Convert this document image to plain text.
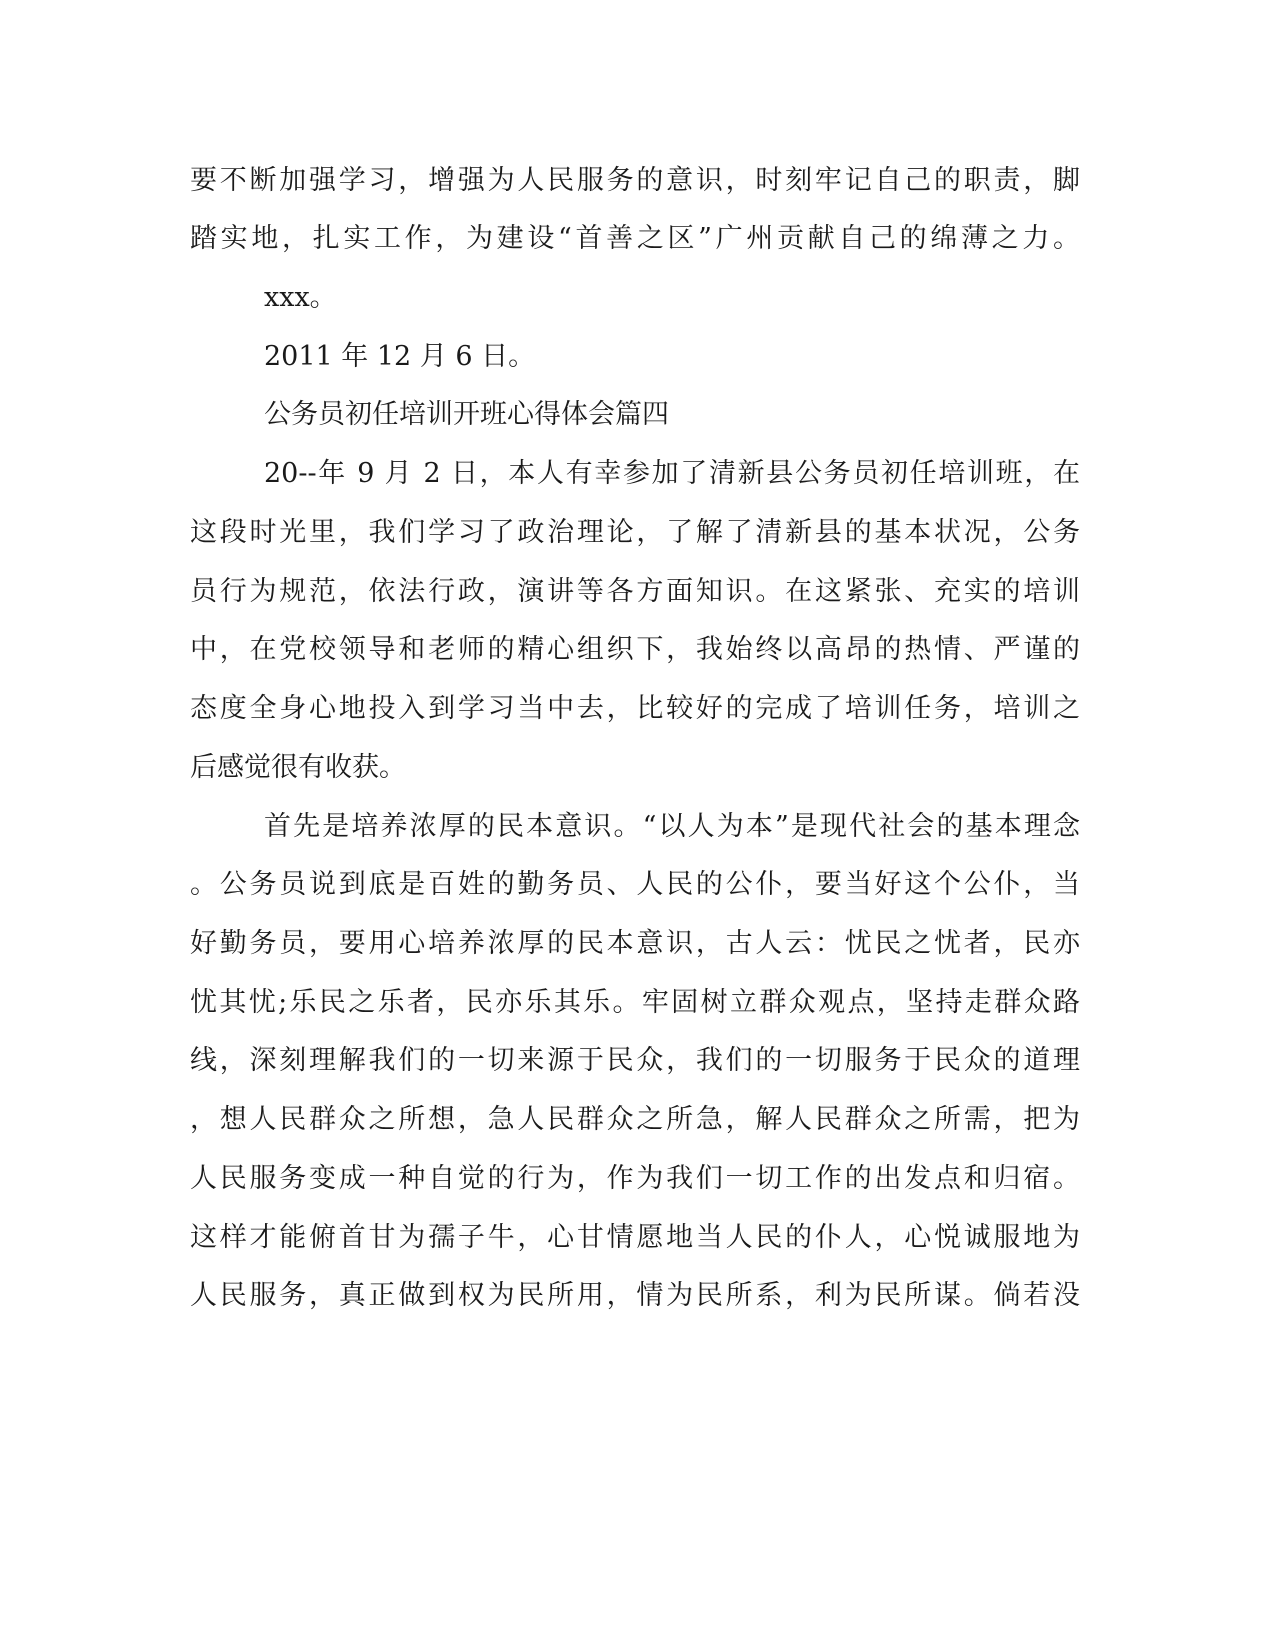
要不断加强学习，增强为人民服务的意识，时刻牢记自己的职责，脚
踏实地，扎实工作，为建设“首善之区”广州贡献自己的绵薄之力。
xxx。
2011 年 12 月 6 日。
公务员初任培训开班心得体会篇四
20--年 9 月 2 日，本人有幸参加了清新县公务员初任培训班，在
这段时光里，我们学习了政治理论，了解了清新县的基本状况，公务
员行为规范，依法行政，演讲等各方面知识。在这紧张、充实的培训
中，在党校领导和老师的精心组织下，我始终以高昂的热情、严谨的
态度全身心地投入到学习当中去，比较好的完成了培训任务，培训之
后感觉很有收获。
首先是培养浓厚的民本意识。“以人为本”是现代社会的基本理念
。公务员说到底是百姓的勤务员、人民的公仆，要当好这个公仆，当
好勤务员，要用心培养浓厚的民本意识，古人云：忧民之忧者，民亦
忧其忧;乐民之乐者，民亦乐其乐。牢固树立群众观点，坚持走群众路
线，深刻理解我们的一切来源于民众，我们的一切服务于民众的道理
，想人民群众之所想，急人民群众之所急，解人民群众之所需，把为
人民服务变成一种自觉的行为，作为我们一切工作的出发点和归宿。
这样才能俯首甘为孺子牛，心甘情愿地当人民的仆人，心悦诚服地为
人民服务，真正做到权为民所用，情为民所系，利为民所谋。倘若没
